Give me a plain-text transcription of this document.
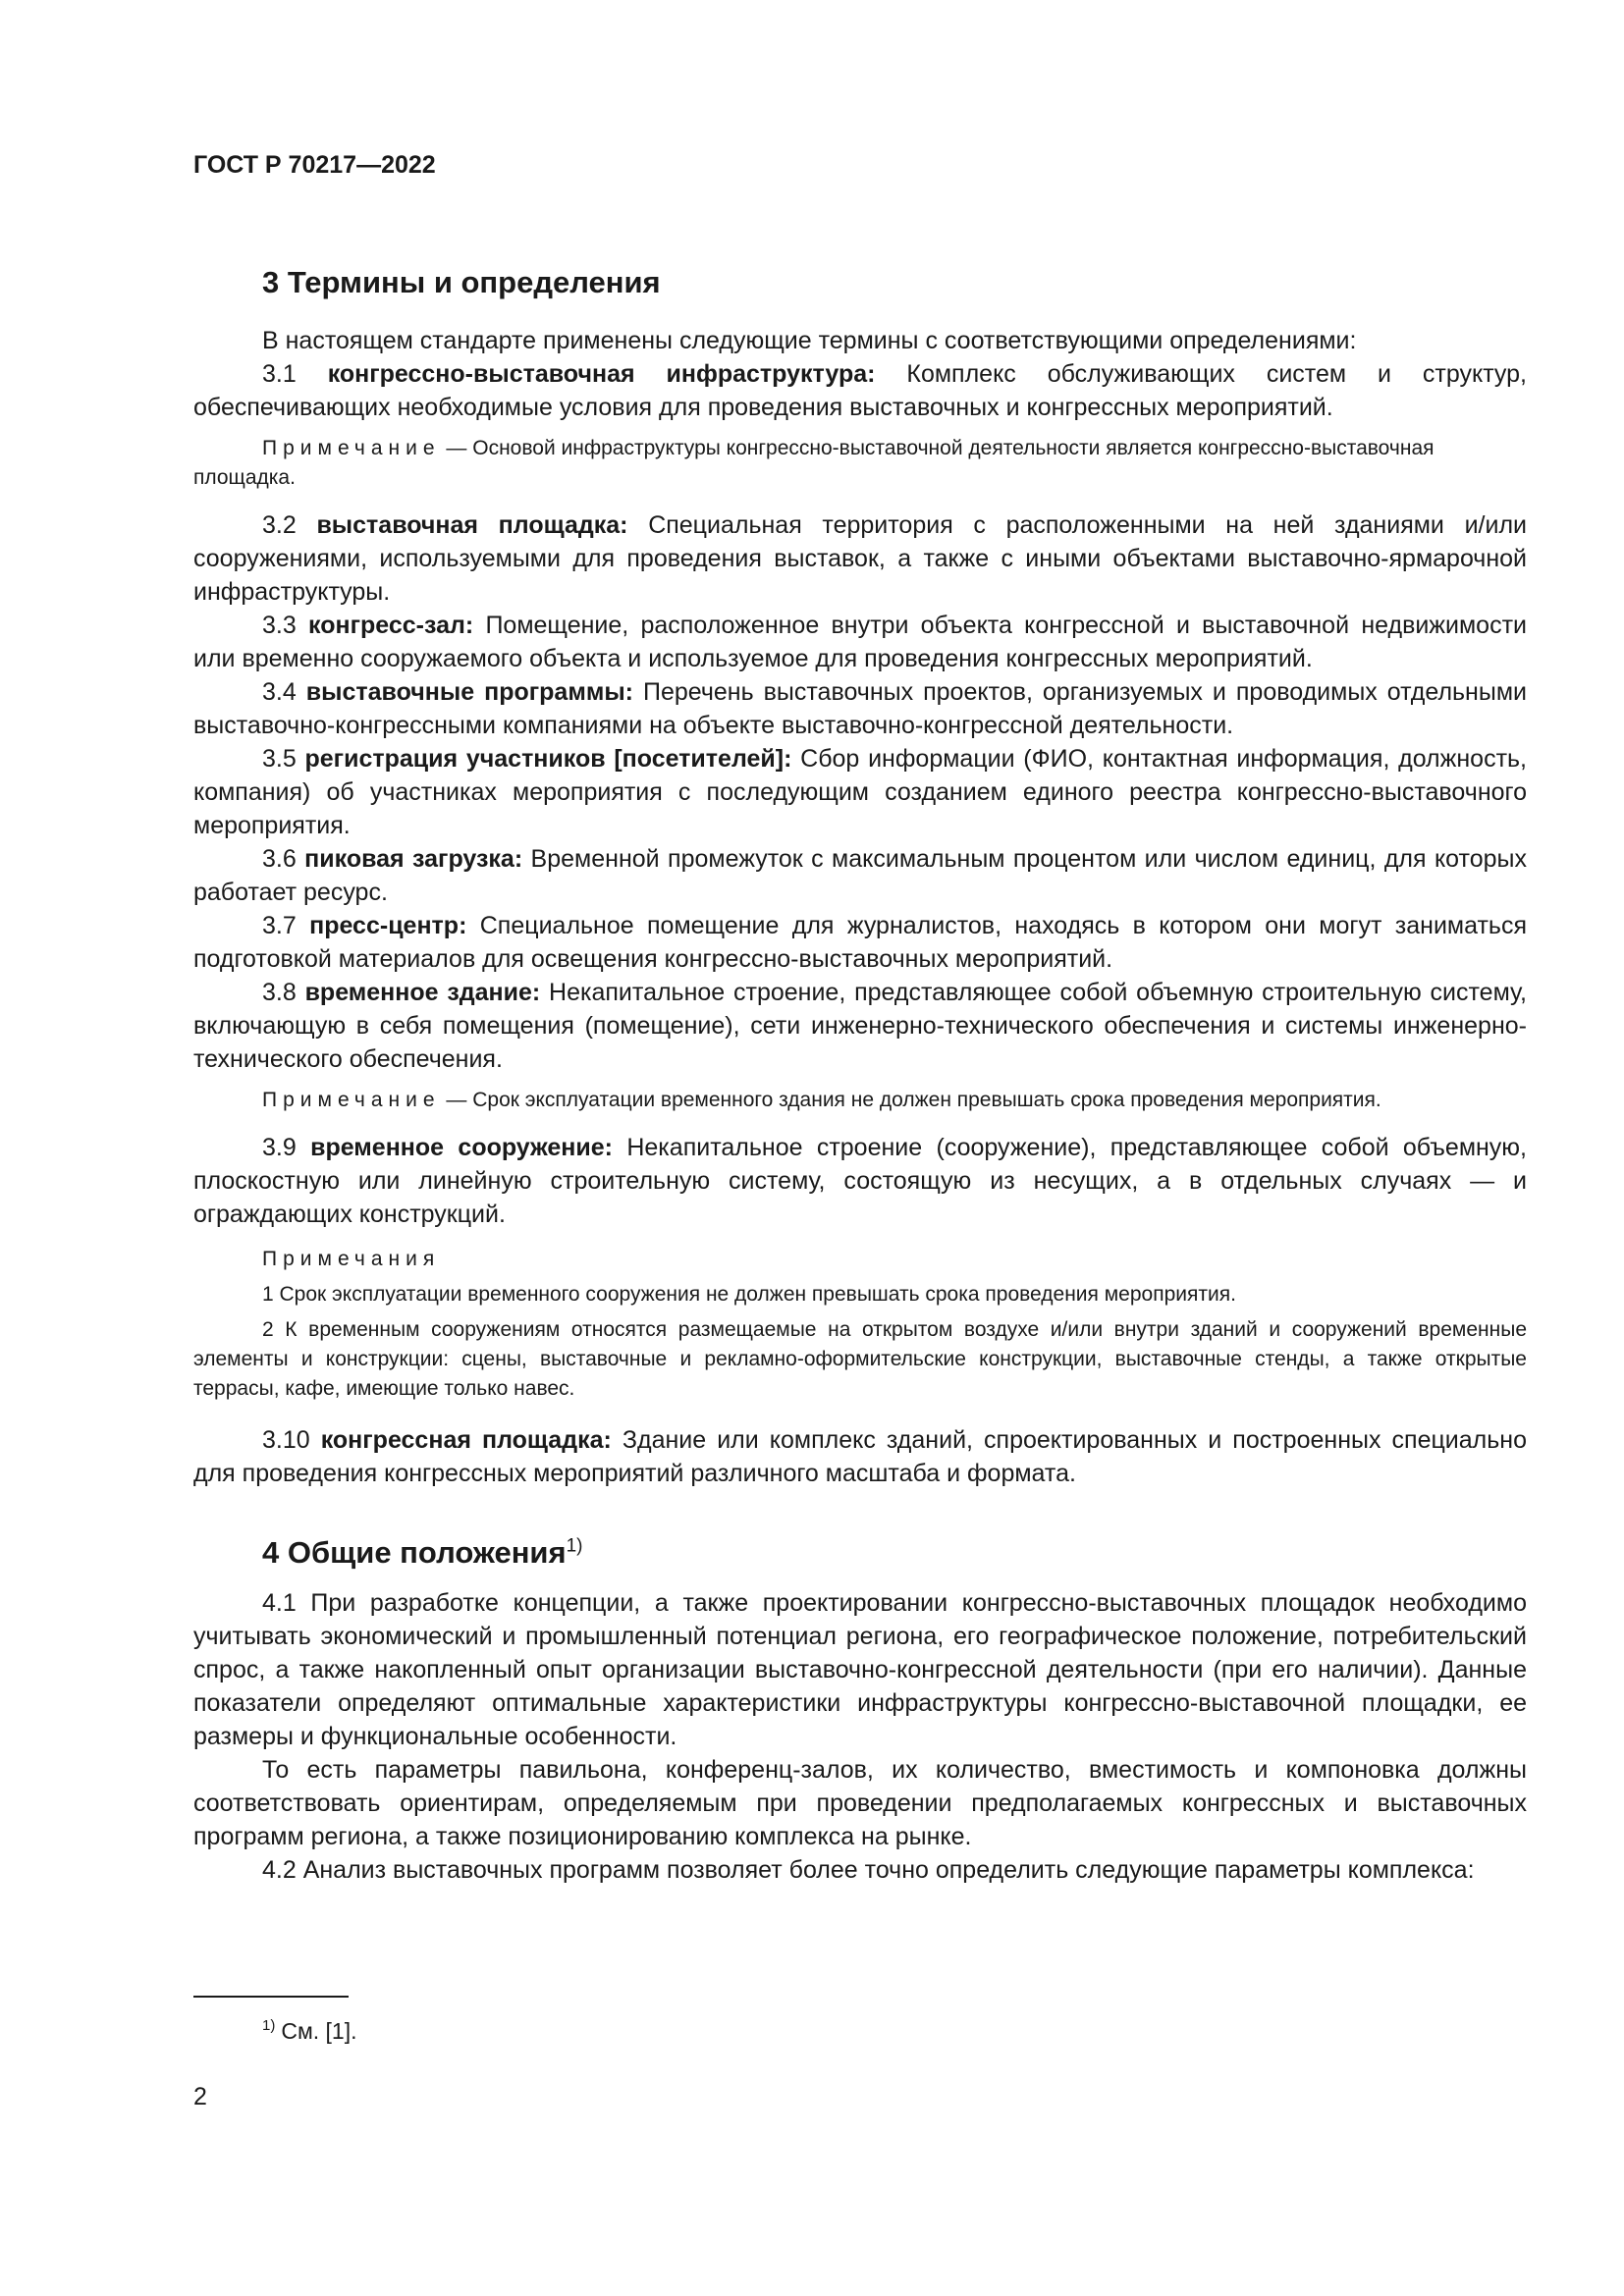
ГОСТ Р 70217—2022
3 Термины и определения

В настоящем стандарте применены следующие термины с соответствующими определениями:

3.1 конгрессно-выставочная инфраструктура: Комплекс обслуживающих систем и структур, обеспечивающих необходимые условия для проведения выставочных и конгрессных мероприятий.

Примечание — Основой инфраструктуры конгрессно-выставочной деятельности является конгрессно-выставочная площадка.

3.2 выставочная площадка: Специальная территория с расположенными на ней зданиями и/или сооружениями, используемыми для проведения выставок, а также с иными объектами выставочно-ярмарочной инфраструктуры.

3.3 конгресс-зал: Помещение, расположенное внутри объекта конгрессной и выставочной недвижимости или временно сооружаемого объекта и используемое для проведения конгрессных мероприятий.

3.4 выставочные программы: Перечень выставочных проектов, организуемых и проводимых отдельными выставочно-конгрессными компаниями на объекте выставочно-конгрессной деятельности.

3.5 регистрация участников [посетителей]: Сбор информации (ФИО, контактная информация, должность, компания) об участниках мероприятия с последующим созданием единого реестра конгрессно-выставочного мероприятия.

3.6 пиковая загрузка: Временной промежуток с максимальным процентом или числом единиц, для которых работает ресурс.

3.7 пресс-центр: Специальное помещение для журналистов, находясь в котором они могут заниматься подготовкой материалов для освещения конгрессно-выставочных мероприятий.

3.8 временное здание: Некапитальное строение, представляющее собой объемную строительную систему, включающую в себя помещения (помещение), сети инженерно-технического обеспечения и системы инженерно-технического обеспечения.

Примечание — Срок эксплуатации временного здания не должен превышать срока проведения мероприятия.

3.9 временное сооружение: Некапитальное строение (сооружение), представляющее собой объемную, плоскостную или линейную строительную систему, состоящую из несущих, а в отдельных случаях — и ограждающих конструкций.

Примечания
1 Срок эксплуатации временного сооружения не должен превышать срока проведения мероприятия.
2 К временным сооружениям относятся размещаемые на открытом воздухе и/или внутри зданий и сооружений временные элементы и конструкции: сцены, выставочные и рекламно-оформительские конструкции, выставочные стенды, а также открытые террасы, кафе, имеющие только навес.

3.10 конгрессная площадка: Здание или комплекс зданий, спроектированных и построенных специально для проведения конгрессных мероприятий различного масштаба и формата.

4 Общие положения$^{1)}$

4.1 При разработке концепции, а также проектировании конгрессно-выставочных площадок необходимо учитывать экономический и промышленный потенциал региона, его географическое положение, потребительский спрос, а также накопленный опыт организации выставочно-конгрессной деятельности (при его наличии). Данные показатели определяют оптимальные характеристики инфраструктуры конгрессно-выставочной площадки, ее размеры и функциональные особенности.

То есть параметры павильона, конференц-залов, их количество, вместимость и компоновка должны соответствовать ориентирам, определяемым при проведении предполагаемых конгрессных и выставочных программ региона, а также позиционированию комплекса на рынке.

4.2 Анализ выставочных программ позволяет более точно определить следующие параметры комплекса:

$^{1)}$ См. [1].
2
